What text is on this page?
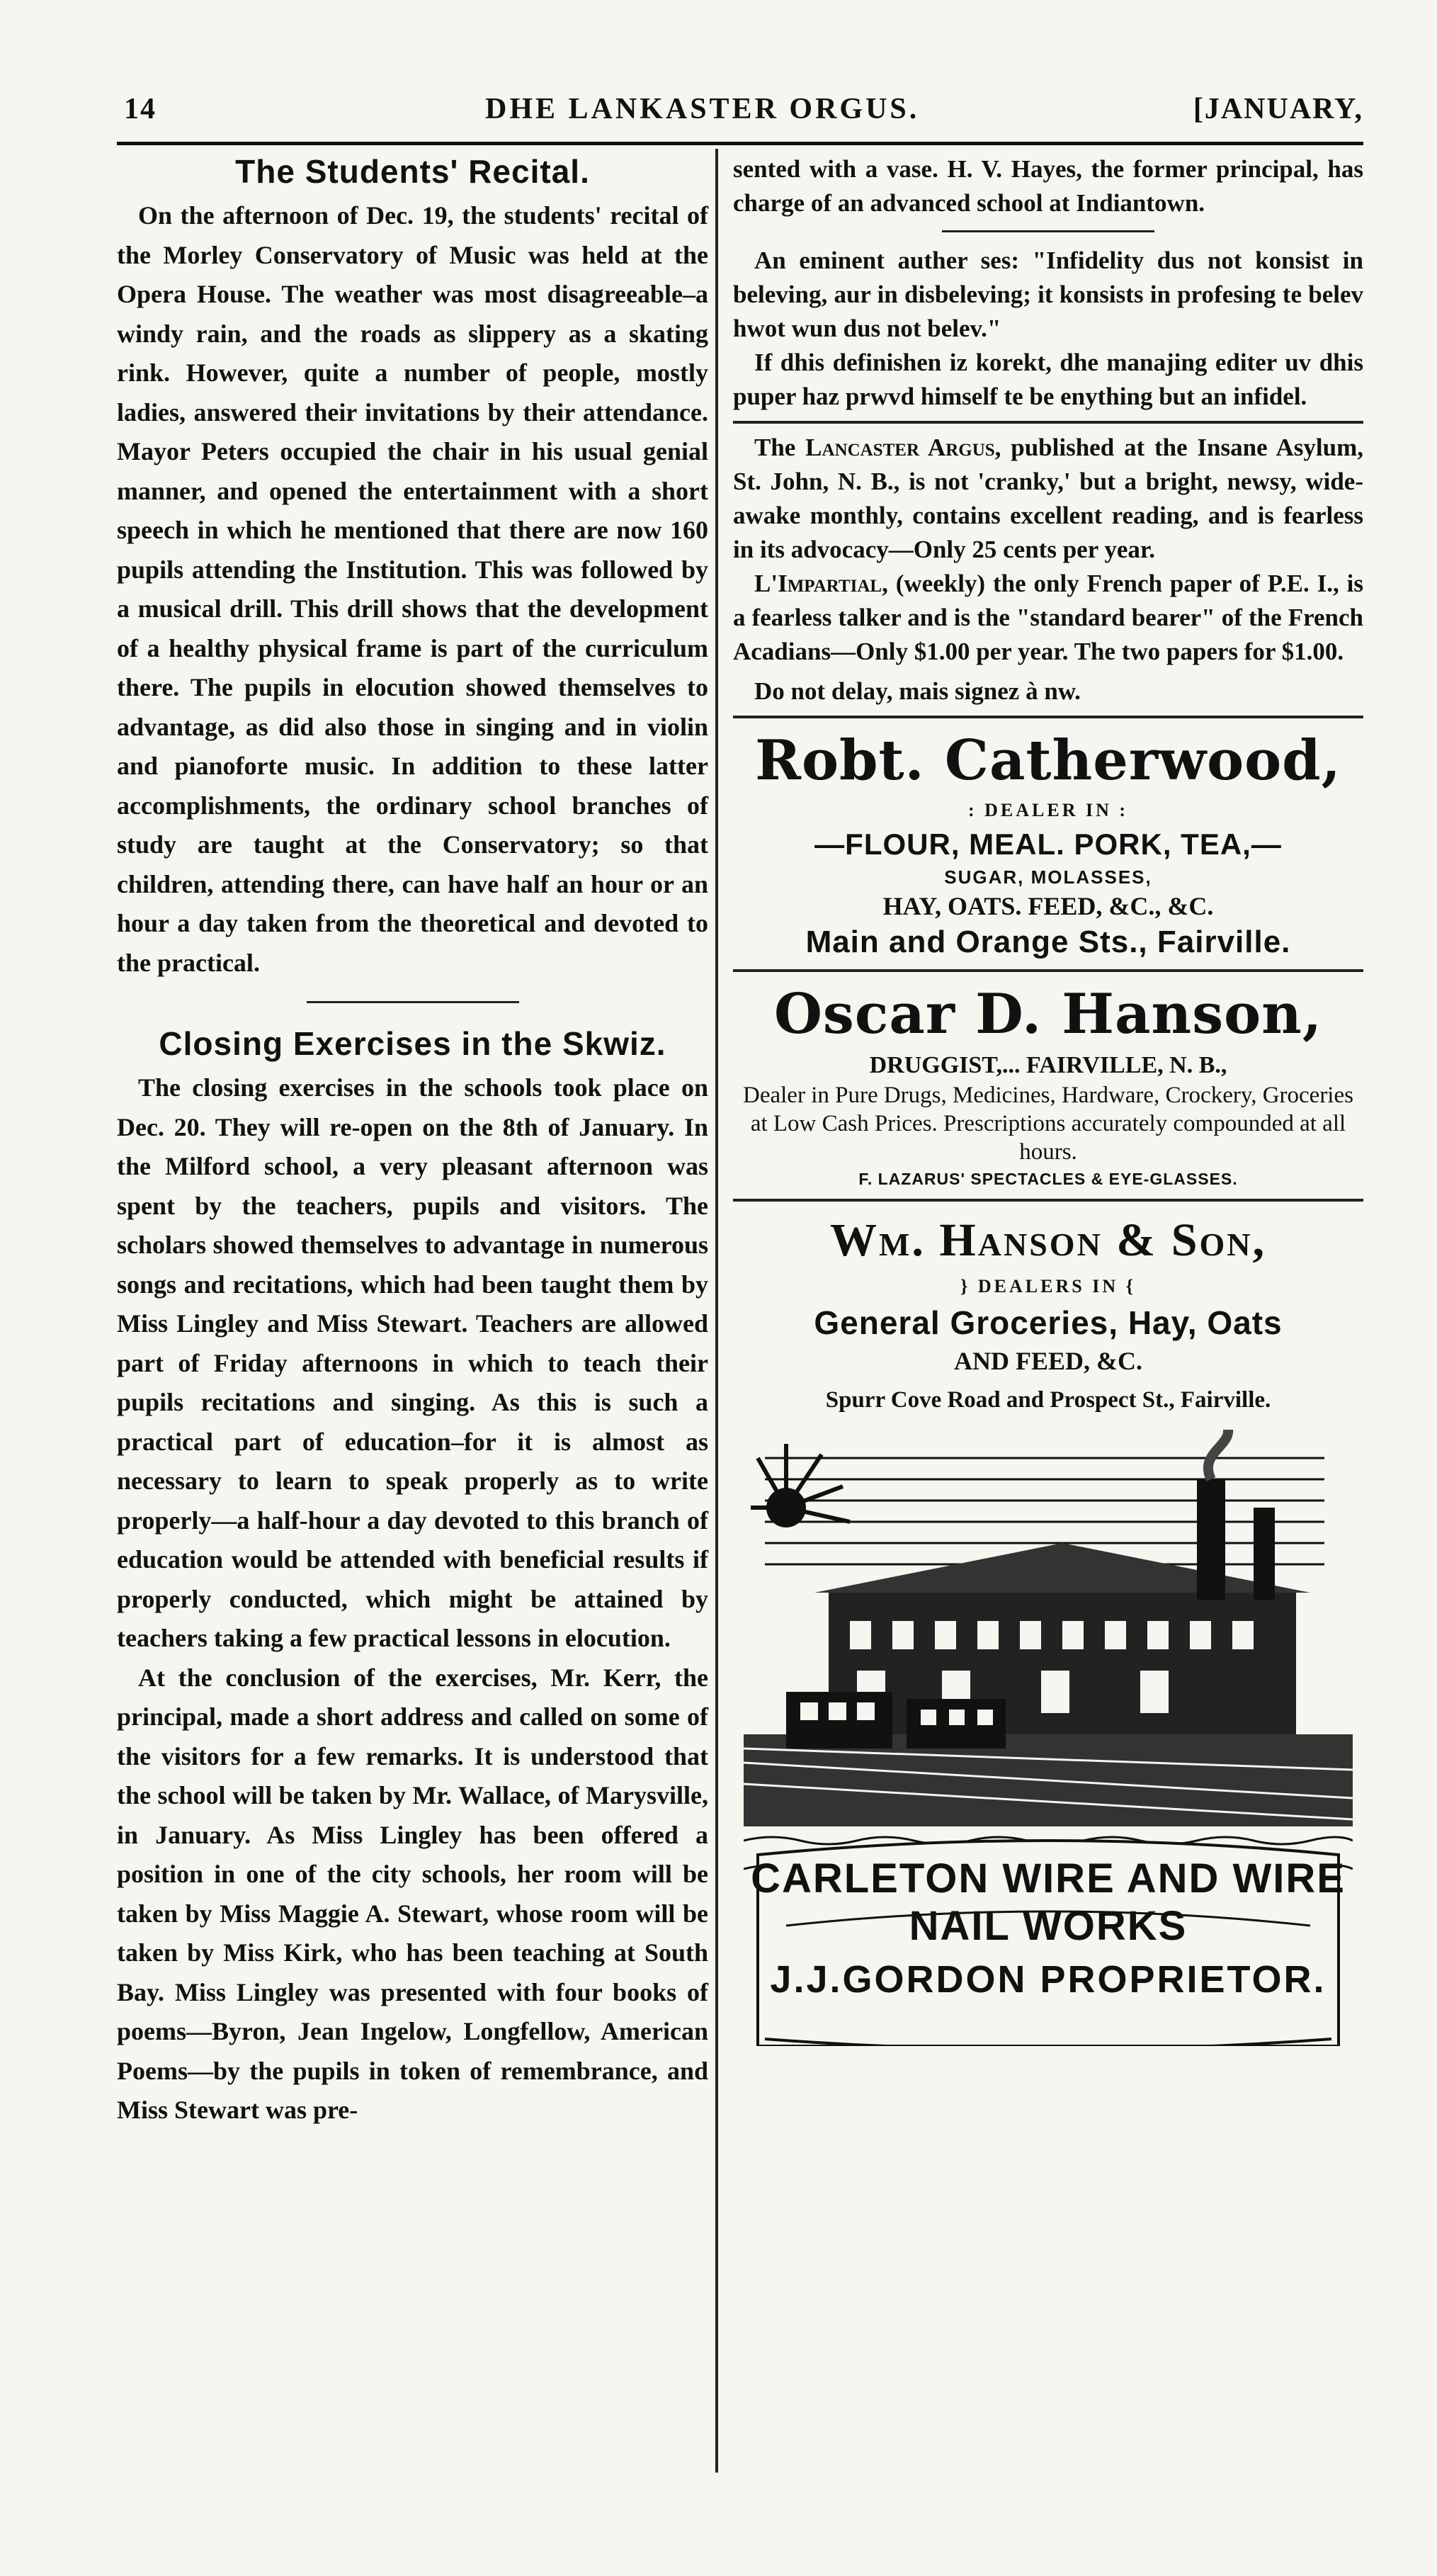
14	DHE LANKASTER ORGUS.	[JANUARY,
The Students' Recital.

On the afternoon of Dec. 19, the students' recital of the Morley Conservatory of Music was held at the Opera House. The weather was most disagreeable–a windy rain, and the roads as slippery as a skating rink. However, quite a number of people, mostly ladies, answered their invitations by their attendance. Mayor Peters occupied the chair in his usual genial manner, and opened the entertainment with a short speech in which he mentioned that there are now 160 pupils attending the Institution. This was followed by a musical drill. This drill shows that the development of a healthy physical frame is part of the curriculum there. The pupils in elocution showed themselves to advantage, as did also those in singing and in violin and pianoforte music. In addition to these latter accomplishments, the ordinary school branches of study are taught at the Conservatory; so that children, attending there, can have half an hour or an hour a day taken from the theoretical and devoted to the practical.

Closing Exercises in the Skwiz.

The closing exercises in the schools took place on Dec. 20. They will re-open on the 8th of January. In the Milford school, a very pleasant afternoon was spent by the teachers, pupils and visitors. The scholars showed themselves to advantage in numerous songs and recitations, which had been taught them by Miss Lingley and Miss Stewart. Teachers are allowed part of Friday afternoons in which to teach their pupils recitations and singing. As this is such a practical part of education–for it is almost as necessary to learn to speak properly as to write properly—a half-hour a day devoted to this branch of education would be attended with beneficial results if properly conducted, which might be attained by teachers taking a few practical lessons in elocution.

At the conclusion of the exercises, Mr. Kerr, the principal, made a short address and called on some of the visitors for a few remarks. It is understood that the school will be taken by Mr. Wallace, of Marysville, in January. As Miss Lingley has been offered a position in one of the city schools, her room will be taken by Miss Maggie A. Stewart, whose room will be taken by Miss Kirk, who has been teaching at South Bay. Miss Lingley was presented with four books of poems—Byron, Jean Ingelow, Longfellow, American Poems—by the pupils in token of remembrance, and Miss Stewart was pre-

sented with a vase. H. V. Hayes, the former principal, has charge of an advanced school at Indiantown.

An eminent auther ses: "Infidelity dus not konsist in beleving, aur in disbeleving; it konsists in profesing te belev hwot wun dus not belev."

If dhis definishen iz korekt, dhe manajing editer uv dhis puper haz prwvd himself te be enything but an infidel.

The Lancaster Argus, published at the Insane Asylum, St. John, N. B., is not 'cranky,' but a bright, newsy, wide-awake monthly, contains excellent reading, and is fearless in its advocacy—Only 25 cents per year.

L'Impartial, (weekly) the only French paper of P.E. I., is a fearless talker and is the "standard bearer" of the French Acadians—Only $1.00 per year. The two papers for $1.00.

Do not delay, mais signez à nw.

Robt. Catherwood,
: DEALER IN :
—FLOUR, MEAL. PORK, TEA,—
SUGAR, MOLASSES,
HAY, OATS. FEED, &C., &C.
Main and Orange Sts., Fairville.
Oscar D. Hanson,
DRUGGIST,... FAIRVILLE, N. B.,
Dealer in Pure Drugs, Medicines, Hardware, Crockery, Groceries at Low Cash Prices. Prescriptions accurately compounded at all hours.
F. LAZARUS' SPECTACLES & EYE-GLASSES.
Wm. Hanson & Son,
} DEALERS IN {
General Groceries, Hay, Oats
AND FEED, &C.
Spurr Cove Road and Prospect St., Fairville.
CARLETON WIRE AND WIRE NAIL WORKS
J.J.GORDON PROPRIETOR.
